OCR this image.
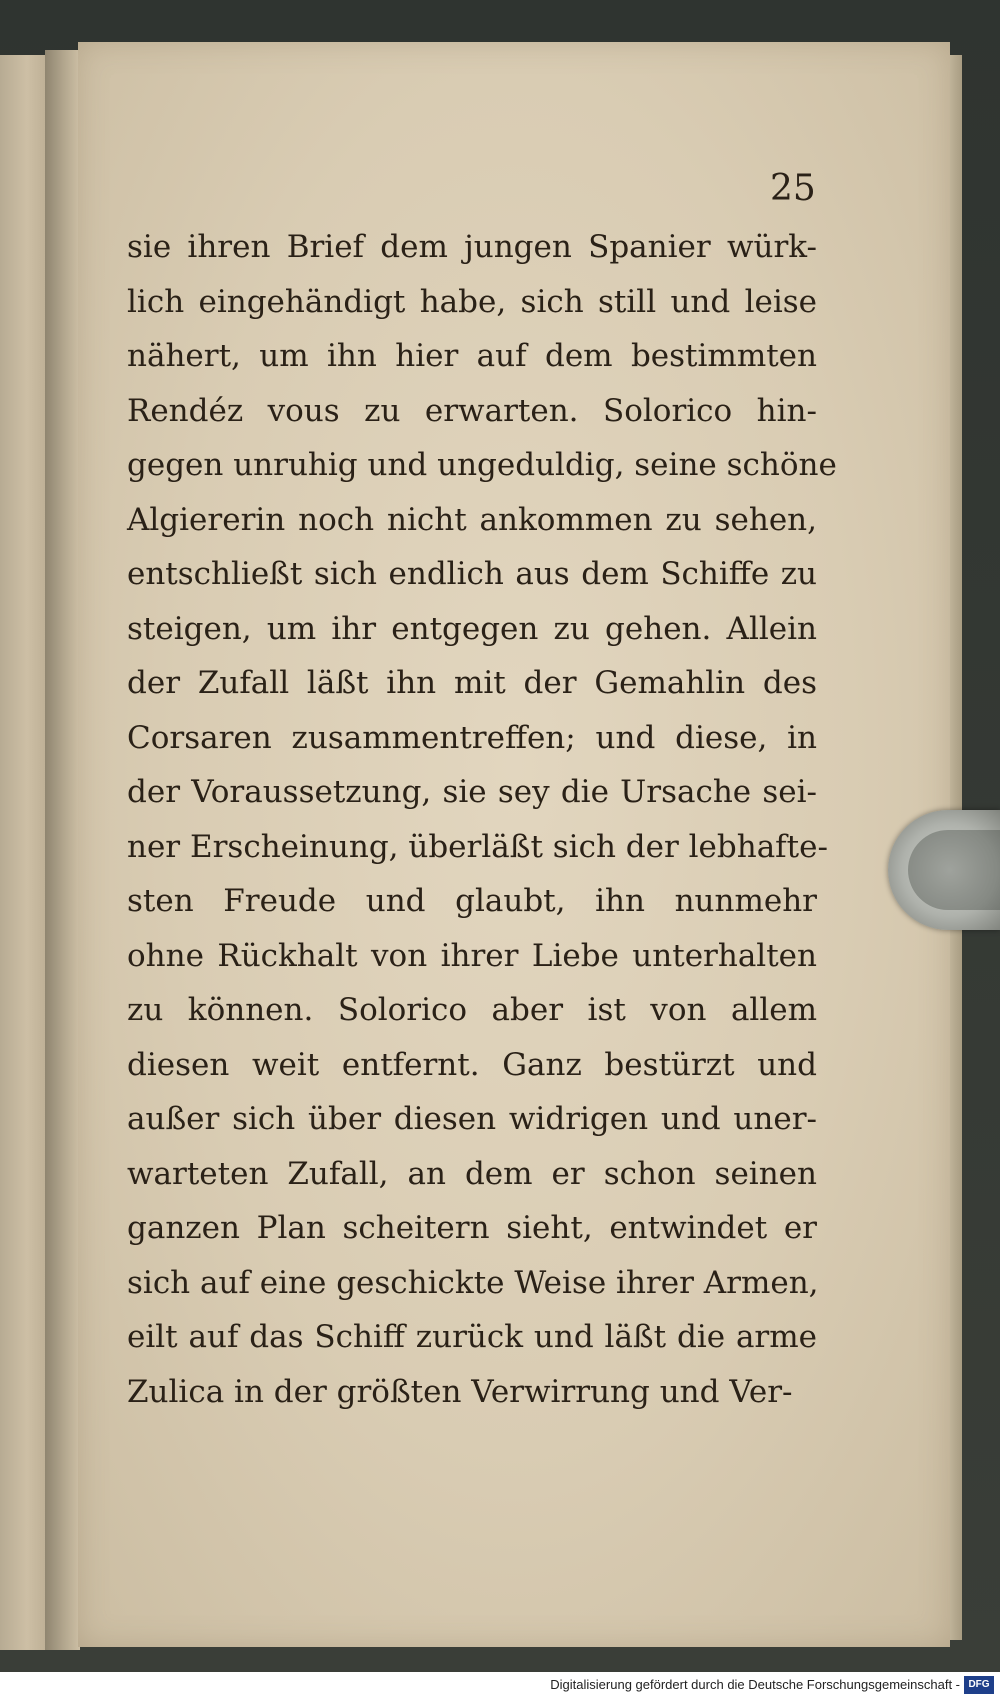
25
sie ihren Brief dem jungen Spanier würk-
lich eingehändigt habe, sich still und leise
nähert, um ihn hier auf dem bestimmten
Rendéz vous zu erwarten. Solorico hin-
gegen unruhig und ungeduldig, seine schöne
Algiererin noch nicht ankommen zu sehen,
entschließt sich endlich aus dem Schiffe zu
steigen, um ihr entgegen zu gehen. Allein
der Zufall läßt ihn mit der Gemahlin des
Corsaren zusammentreffen; und diese, in
der Voraussetzung, sie sey die Ursache sei-
ner Erscheinung, überläßt sich der lebhafte-
sten Freude und glaubt, ihn nunmehr
ohne Rückhalt von ihrer Liebe unterhalten
zu können. Solorico aber ist von allem
diesen weit entfernt. Ganz bestürzt und
außer sich über diesen widrigen und uner-
warteten Zufall, an dem er schon seinen
ganzen Plan scheitern sieht, entwindet er
sich auf eine geschickte Weise ihrer Armen,
eilt auf das Schiff zurück und läßt die arme
Zulica in der größten Verwirrung und Ver-
Digitalisierung gefördert durch die Deutsche Forschungsgemeinschaft - DFG
